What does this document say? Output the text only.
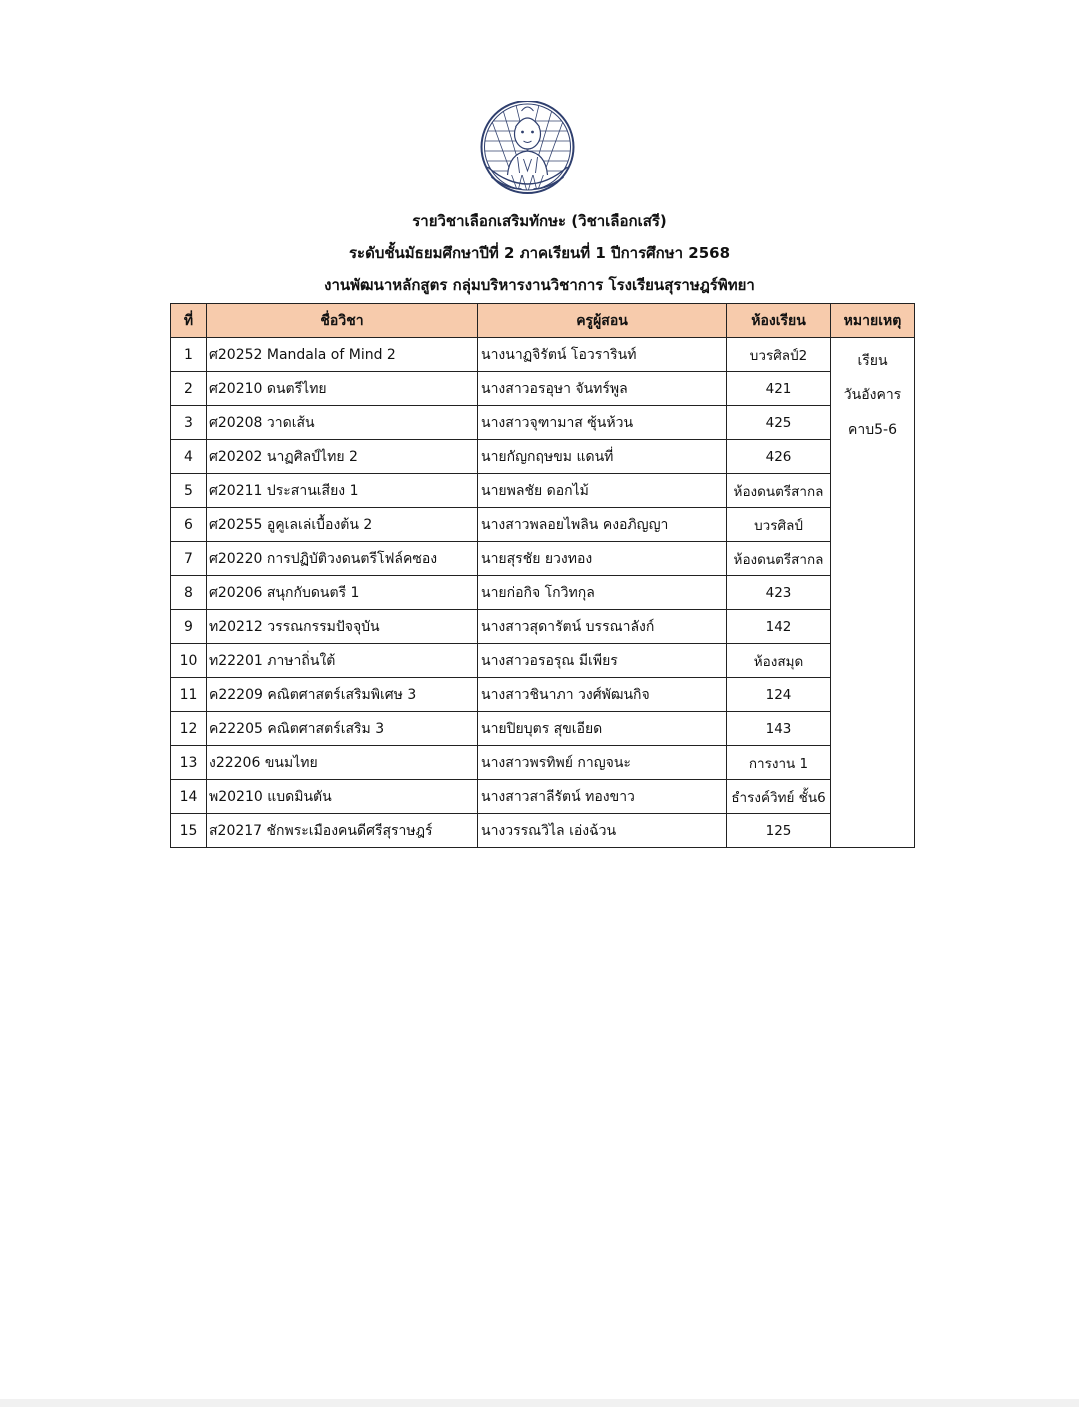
รายวิชาเลือกเสริมทักษะ (วิชาเลือกเสรี)
ระดับชั้นมัธยมศึกษาปีที่ 2 ภาคเรียนที่ 1 ปีการศึกษา 2568
งานพัฒนาหลักสูตร กลุ่มบริหารงานวิชาการ โรงเรียนสุราษฎร์พิทยา
ที่	ชื่อวิชา	ครูผู้สอน	ห้องเรียน	หมายเหตุ
1	ศ20252 Mandala of Mind 2	นางนาฏจิรัตน์ โอวรารินท์	บวรศิลป์2	เรียน
วันอังคาร
คาบ5-6

2	ศ20210 ดนตรีไทย	นางสาวอรอุษา จันทร์พูล	421	
3	ศ20208 วาดเส้น	นางสาวจุฑามาส ซุ้นห้วน	425	
4	ศ20202 นาฏศิลป์ไทย 2	นายกัญกฤษขม แดนที่	426	
5	ศ20211 ประสานเสียง 1	นายพลชัย ดอกไม้	ห้องดนตรีสากล	
6	ศ20255 อูคูเลเล่เบื้องต้น 2	นางสาวพลอยไพลิน คงอภิญญา	บวรศิลป์	
7	ศ20220 การปฏิบัติวงดนตรีโฟล์คซอง	นายสุรชัย ยวงทอง	ห้องดนตรีสากล	
8	ศ20206 สนุกกับดนตรี 1	นายก่อกิจ โกวิทกุล	423	
9	ท20212 วรรณกรรมปัจจุบัน	นางสาวสุดารัตน์ บรรณาลังก์	142	
10	ท22201 ภาษาถิ่นใต้	นางสาวอรอรุณ มีเพียร	ห้องสมุด	
11	ค22209 คณิตศาสตร์เสริมพิเศษ 3	นางสาวชินาภา วงศ์พัฒนกิจ	124	
12	ค22205 คณิตศาสตร์เสริม 3	นายปิยบุตร สุขเอียด	143	
13	ง22206 ขนมไทย	นางสาวพรทิพย์ กาญจนะ	การงาน 1	
14	พ20210 แบดมินตัน	นางสาวสาลีรัตน์ ทองขาว	ธำรงค์วิทย์ ชั้น6	
15	ส20217 ชักพระเมืองคนดีศรีสุราษฎร์	นางวรรณวิไล เอ่งฉ้วน	125	
